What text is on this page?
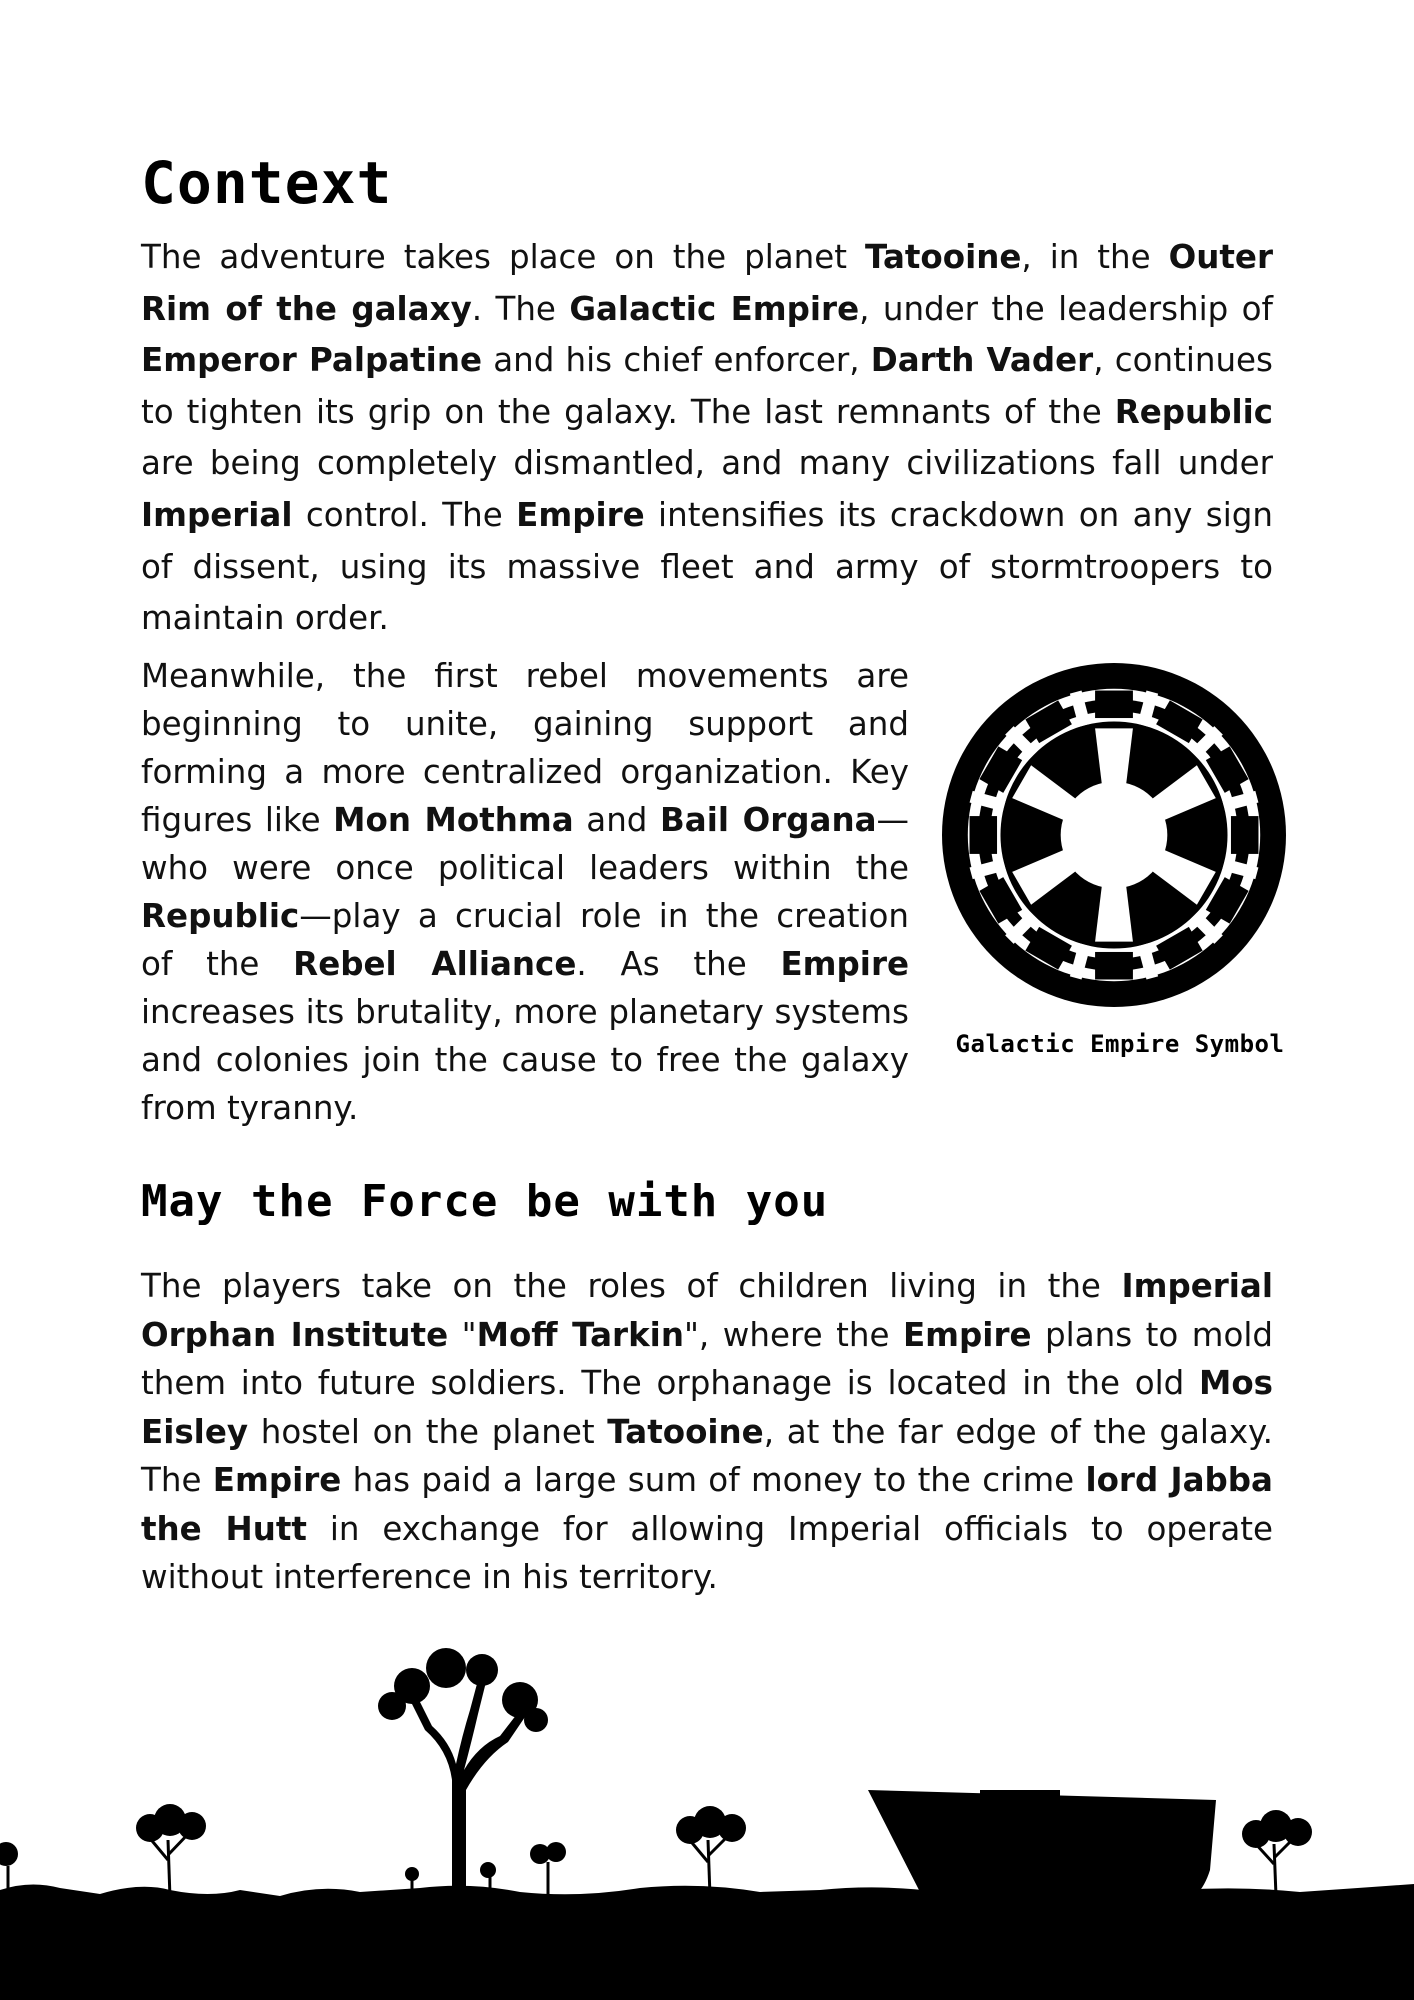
Context

The adventure takes place on the planet Tatooine, in the Outer Rim of the galaxy. The Galactic Empire, under the leadership of Emperor Palpatine and his chief enforcer, Darth Vader, continues to tighten its grip on the galaxy. The last remnants of the Republic are being completely dismantled, and many civilizations fall under Imperial control. The Empire intensifies its crackdown on any sign of dissent, using its massive fleet and army of stormtroopers to maintain order.

Meanwhile, the first rebel movements are beginning to unite, gaining support and forming a more centralized organization. Key figures like Mon Mothma and Bail Organa—who were once political leaders within the Republic—play a crucial role in the creation of the Rebel Alliance. As the Empire increases its brutality, more planetary systems and colonies join the cause to free the galaxy from tyranny.

Galactic Empire Symbol
May the Force be with you

The players take on the roles of children living in the Imperial Orphan Institute "Moff Tarkin", where the Empire plans to mold them into future soldiers. The orphanage is located in the old Mos Eisley hostel on the planet Tatooine, at the far edge of the galaxy. The Empire has paid a large sum of money to the crime lord Jabba the Hutt in exchange for allowing Imperial officials to operate without interference in his territory.
